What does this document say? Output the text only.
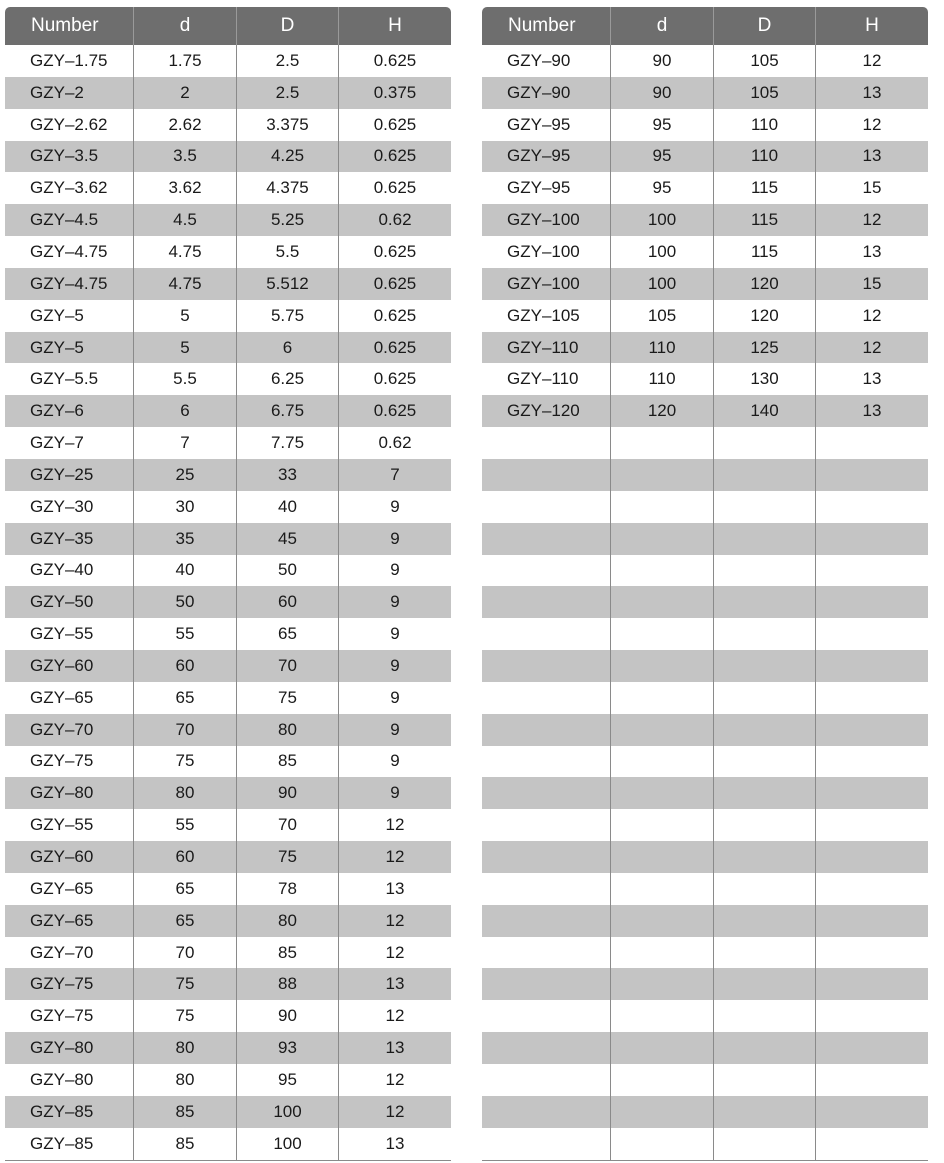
Number	d	D	H
GZY–1.75	1.75	2.5	0.625
GZY–2	2	2.5	0.375
GZY–2.62	2.62	3.375	0.625
GZY–3.5	3.5	4.25	0.625
GZY–3.62	3.62	4.375	0.625
GZY–4.5	4.5	5.25	0.62
GZY–4.75	4.75	5.5	0.625
GZY–4.75	4.75	5.512	0.625
GZY–5	5	5.75	0.625
GZY–5	5	6	0.625
GZY–5.5	5.5	6.25	0.625
GZY–6	6	6.75	0.625
GZY–7	7	7.75	0.62
GZY–25	25	33	7
GZY–30	30	40	9
GZY–35	35	45	9
GZY–40	40	50	9
GZY–50	50	60	9
GZY–55	55	65	9
GZY–60	60	70	9
GZY–65	65	75	9
GZY–70	70	80	9
GZY–75	75	85	9
GZY–80	80	90	9
GZY–55	55	70	12
GZY–60	60	75	12
GZY–65	65	78	13
GZY–65	65	80	12
GZY–70	70	85	12
GZY–75	75	88	13
GZY–75	75	90	12
GZY–80	80	93	13
GZY–80	80	95	12
GZY–85	85	100	12
GZY–85	85	100	13
Number	d	D	H
GZY–90	90	105	12
GZY–90	90	105	13
GZY–95	95	110	12
GZY–95	95	110	13
GZY–95	95	115	15
GZY–100	100	115	12
GZY–100	100	115	13
GZY–100	100	120	15
GZY–105	105	120	12
GZY–110	110	125	12
GZY–110	110	130	13
GZY–120	120	140	13
